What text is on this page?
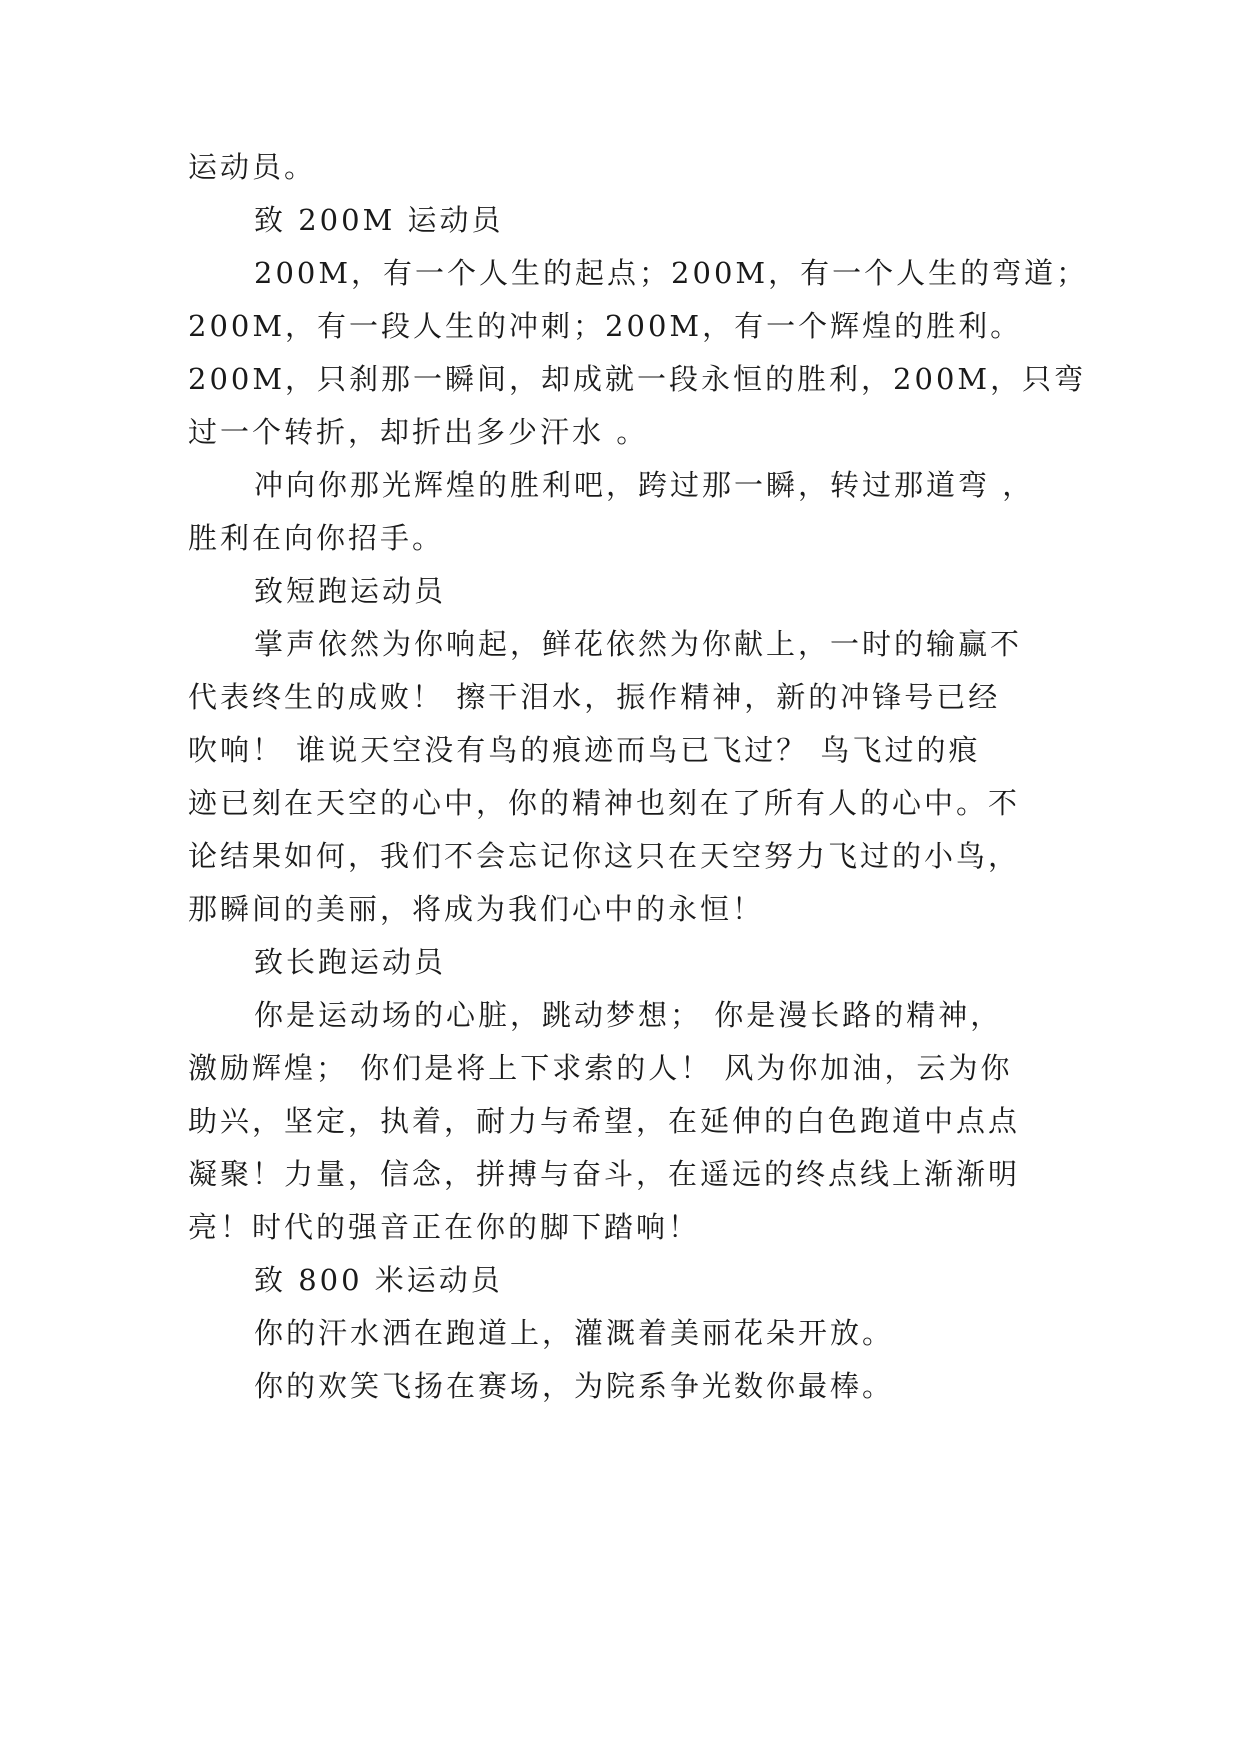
运动员。
致 200M 运动员
200M，有一个人生的起点；200M，有一个人生的弯道；
200M，有一段人生的冲刺；200M，有一个辉煌的胜利。
200M，只刹那一瞬间，却成就一段永恒的胜利，200M，只弯
过一个转折，却折出多少汗水 。
冲向你那光辉煌的胜利吧，跨过那一瞬，转过那道弯 ，
胜利在向你招手。
致短跑运动员
掌声依然为你响起，鲜花依然为你献上，一时的输赢不
代表终生的成败！ 擦干泪水，振作精神，新的冲锋号已经
吹响！ 谁说天空没有鸟的痕迹而鸟已飞过？ 鸟飞过的痕
迹已刻在天空的心中，你的精神也刻在了所有人的心中。不
论结果如何，我们不会忘记你这只在天空努力飞过的小鸟，
那瞬间的美丽，将成为我们心中的永恒！
致长跑运动员
你是运动场的心脏，跳动梦想； 你是漫长路的精神，
激励辉煌； 你们是将上下求索的人！ 风为你加油，云为你
助兴，坚定，执着，耐力与希望，在延伸的白色跑道中点点
凝聚！力量，信念，拼搏与奋斗，在遥远的终点线上渐渐明
亮！时代的强音正在你的脚下踏响！
致 800 米运动员
你的汗水洒在跑道上，灌溉着美丽花朵开放。
你的欢笑飞扬在赛场，为院系争光数你最棒。
